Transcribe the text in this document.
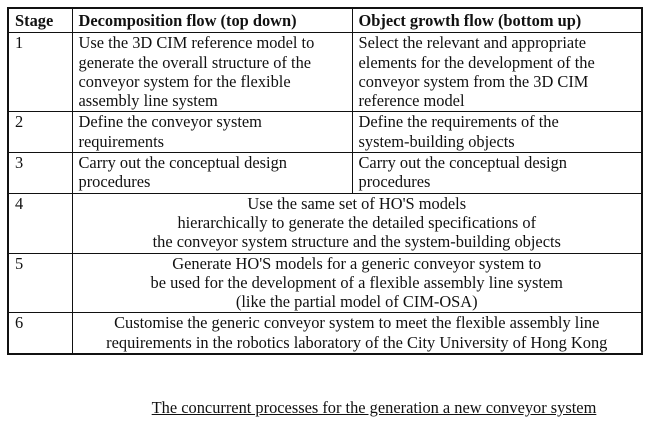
Stage	Decomposition flow (top down)	Object growth flow (bottom up)
1	Use the 3D CIM reference model to
generate the overall structure of the
conveyor system for the flexible
assembly line system	Select the relevant and appropriate
elements for the development of the
conveyor system from the 3D CIM
reference model

2	Define the conveyor system
requirements	Define the requirements of the
system-building objects

3	Carry out the conceptual design
procedures	Carry out the conceptual design
procedures

4	Use the same set of HO'S models
hierarchically to generate the detailed specifications of
the conveyor system structure and the system-building objects	

5	Generate HO'S models for a generic conveyor system to
be used for the development of a flexible assembly line system
(like the partial model of CIM-OSA)	

6	Customise the generic conveyor system to meet the flexible assembly line
requirements in the robotics laboratory of the City University of Hong Kong	
The concurrent processes for the generation a new conveyor system
